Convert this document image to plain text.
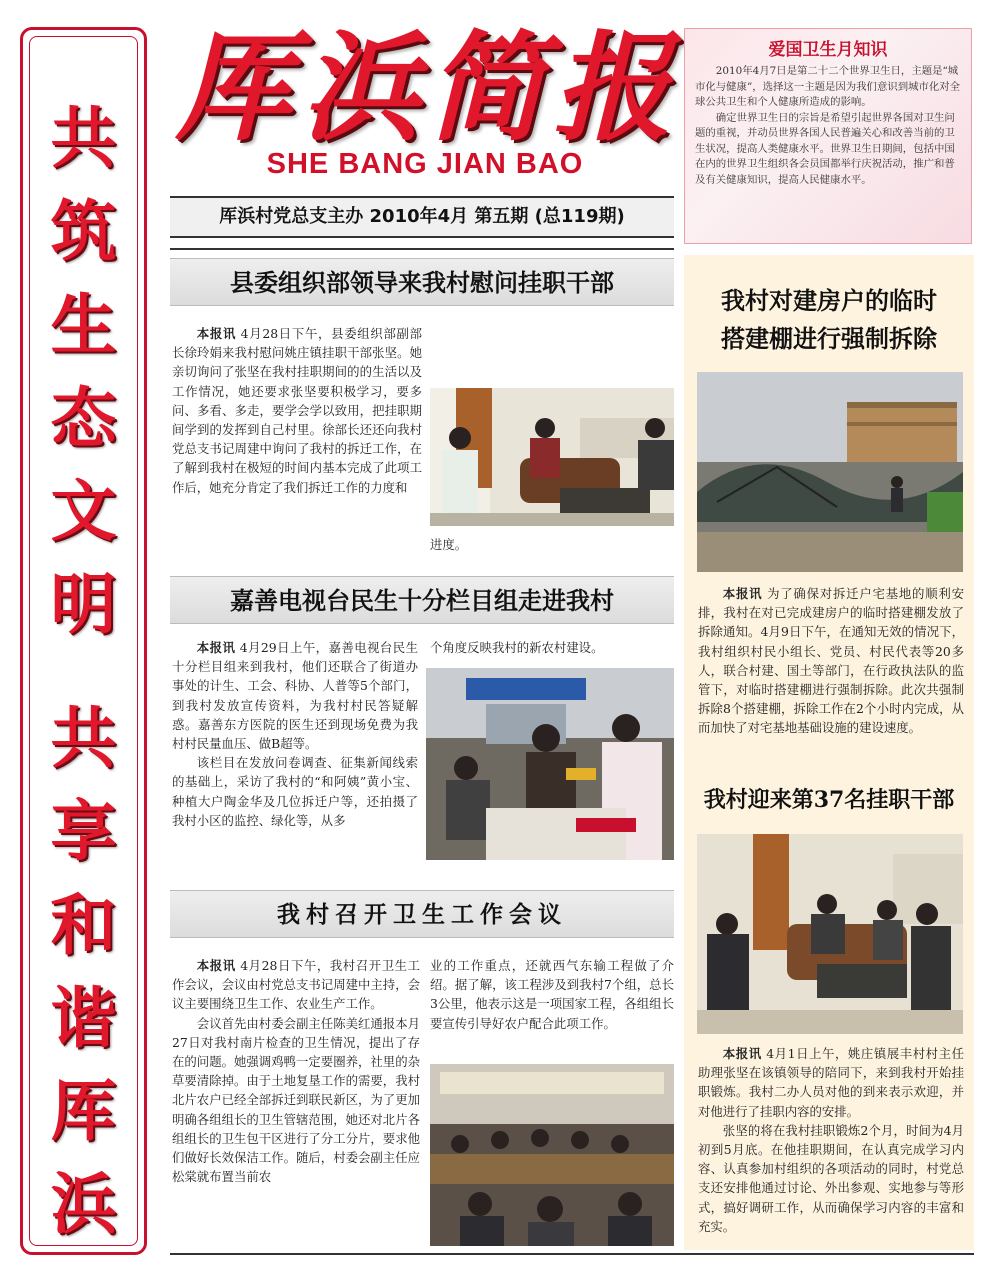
共
筑
生
态
文
明
共
享
和
谐
厍
浜
厍浜简报
SHE BANG JIAN BAO
厍浜村党总支主办 2010年4月 第五期 (总119期)
爱国卫生月知识

2010年4月7日是第二十二个世界卫生日，主题是“城市化与健康”，选择这一主题是因为我们意识到城市化对全球公共卫生和个人健康所造成的影响。

确定世界卫生日的宗旨是希望引起世界各国对卫生问题的重视，并动员世界各国人民普遍关心和改善当前的卫生状况，提高人类健康水平。世界卫生日期间，包括中国在内的世界卫生组织各会员国都举行庆祝活动，推广和普及有关健康知识，提高人民健康水平。

县委组织部领导来我村慰问挂职干部

本报讯 4月28日下午，县委组织部副部长徐玲娟来我村慰问姚庄镇挂职干部张坚。她亲切询问了张坚在我村挂职期间的的生活以及工作情况，她还要求张坚要积极学习，要多问、多看、多走，要学会学以致用，把挂职期间学到的发挥到自己村里。徐部长还还向我村党总支书记周建中询问了我村的拆迁工作，在了解到我村在极短的时间内基本完成了此项工作后，她充分肯定了我们拆迁工作的力度和

进度。
嘉善电视台民生十分栏目组走进我村

本报讯 4月29日上午，嘉善电视台民生十分栏目组来到我村，他们还联合了街道办事处的计生、工会、科协、人普等5个部门，到我村发放宣传资料，为我村村民答疑解惑。嘉善东方医院的医生还到现场免费为我村村民量血压、做B超等。

该栏目在发放问卷调查、征集新闻线索的基础上，采访了我村的“和阿姨”黄小宝、种植大户陶金华及几位拆迁户等，还拍摄了我村小区的监控、绿化等，从多

个角度反映我村的新农村建设。
我村召开卫生工作会议

本报讯 4月28日下午，我村召开卫生工作会议，会议由村党总支书记周建中主持，会议主要围绕卫生工作、农业生产工作。

会议首先由村委会副主任陈美红通报本月27日对我村南片检查的卫生情况，提出了存在的问题。她强调鸡鸭一定要圈养，社里的杂草要清除掉。由于土地复垦工作的需要，我村北片农户已经全部拆迁到联民新区，为了更加明确各组组长的卫生管辖范围，她还对北片各组组长的卫生包干区进行了分工分片，要求他们做好长效保洁工作。随后，村委会副主任应松棠就布置当前农

业的工作重点，还就西气东输工程做了介绍。据了解，该工程涉及到我村7个组，总长3公里，他表示这是一项国家工程，各组组长要宣传引导好农户配合此项工作。
我村对建房户的临时
搭建棚进行强制拆除

本报讯 为了确保对拆迁户宅基地的顺利安排，我村在对已完成建房户的临时搭建棚发放了拆除通知。4月9日下午，在通知无效的情况下，我村组织村民小组长、党员、村民代表等20多人，联合村建、国土等部门，在行政执法队的监管下，对临时搭建棚进行强制拆除。此次共强制拆除8个搭建棚，拆除工作在2个小时内完成，从而加快了对宅基地基础设施的建设速度。

我村迎来第37名挂职干部

本报讯 4月1日上午，姚庄镇展丰村村主任助理张坚在该镇领导的陪同下，来到我村开始挂职锻炼。我村二办人员对他的到来表示欢迎，并对他进行了挂职内容的安排。

张坚的将在我村挂职锻炼2个月，时间为4月初到5月底。在他挂职期间，在认真完成学习内容、认真参加村组织的各项活动的同时，村党总支还安排他通过讨论、外出参观、实地参与等形式，搞好调研工作，从而确保学习内容的丰富和充实。
